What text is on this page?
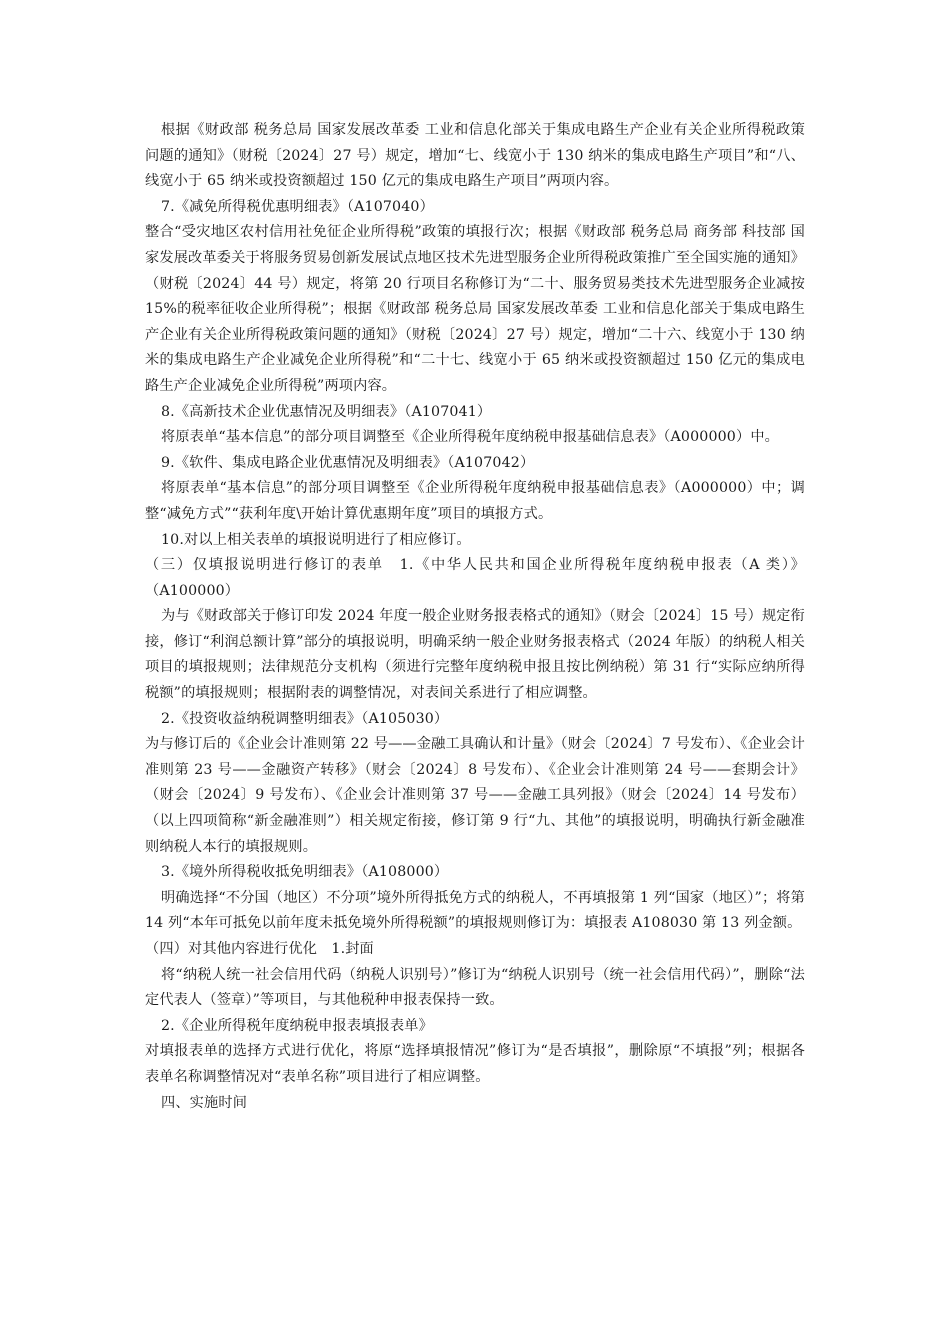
根据《财政部 税务总局 国家发展改革委 工业和信息化部关于集成电路生产企业有关企业所得税政策问题的通知》（财税〔2024〕27 号）规定，增加“七、线宽小于 130 纳米的集成电路生产项目”和“八、线宽小于 65 纳米或投资额超过 150 亿元的集成电路生产项目”两项内容。

7.《减免所得税优惠明细表》（A107040）

整合“受灾地区农村信用社免征企业所得税”政策的填报行次；根据《财政部 税务总局 商务部 科技部 国家发展改革委关于将服务贸易创新发展试点地区技术先进型服务企业所得税政策推广至全国实施的通知》（财税〔2024〕44 号）规定，将第 20 行项目名称修订为“二十、服务贸易类技术先进型服务企业减按 15%的税率征收企业所得税”；根据《财政部 税务总局 国家发展改革委 工业和信息化部关于集成电路生产企业有关企业所得税政策问题的通知》（财税〔2024〕27 号）规定，增加“二十六、线宽小于 130 纳米的集成电路生产企业减免企业所得税”和“二十七、线宽小于 65 纳米或投资额超过 150 亿元的集成电路生产企业减免企业所得税”两项内容。

8.《高新技术企业优惠情况及明细表》（A107041）

将原表单“基本信息”的部分项目调整至《企业所得税年度纳税申报基础信息表》（A000000）中。

9.《软件、集成电路企业优惠情况及明细表》（A107042）

将原表单“基本信息”的部分项目调整至《企业所得税年度纳税申报基础信息表》（A000000）中；调整“减免方式”“获利年度\开始计算优惠期年度”项目的填报方式。

10.对以上相关表单的填报说明进行了相应修订。

（三）仅填报说明进行修订的表单　1.《中华人民共和国企业所得税年度纳税申报表（A 类）》（A100000）

为与《财政部关于修订印发 2024 年度一般企业财务报表格式的通知》（财会〔2024〕15 号）规定衔接，修订“利润总额计算”部分的填报说明，明确采纳一般企业财务报表格式（2024 年版）的纳税人相关项目的填报规则；法律规范分支机构（须进行完整年度纳税申报且按比例纳税）第 31 行“实际应纳所得税额”的填报规则；根据附表的调整情况，对表间关系进行了相应调整。

2.《投资收益纳税调整明细表》（A105030）

为与修订后的《企业会计准则第 22 号——金融工具确认和计量》（财会〔2024〕7 号发布）、《企业会计准则第 23 号——金融资产转移》（财会〔2024〕8 号发布）、《企业会计准则第 24 号——套期会计》（财会〔2024〕9 号发布）、《企业会计准则第 37 号——金融工具列报》（财会〔2024〕14 号发布）（以上四项简称“新金融准则”）相关规定衔接，修订第 9 行“九、其他”的填报说明，明确执行新金融准则纳税人本行的填报规则。

3.《境外所得税收抵免明细表》（A108000）

明确选择“不分国（地区）不分项”境外所得抵免方式的纳税人，不再填报第 1 列“国家（地区）”；将第 14 列“本年可抵免以前年度未抵免境外所得税额”的填报规则修订为：填报表 A108030 第 13 列金额。

（四）对其他内容进行优化　1.封面

将“纳税人统一社会信用代码（纳税人识别号）”修订为“纳税人识别号（统一社会信用代码）”，删除“法定代表人（签章）”等项目，与其他税种申报表保持一致。

2.《企业所得税年度纳税申报表填报表单》

对填报表单的选择方式进行优化，将原“选择填报情况”修订为“是否填报”，删除原“不填报”列；根据各表单名称调整情况对“表单名称”项目进行了相应调整。

四、实施时间
